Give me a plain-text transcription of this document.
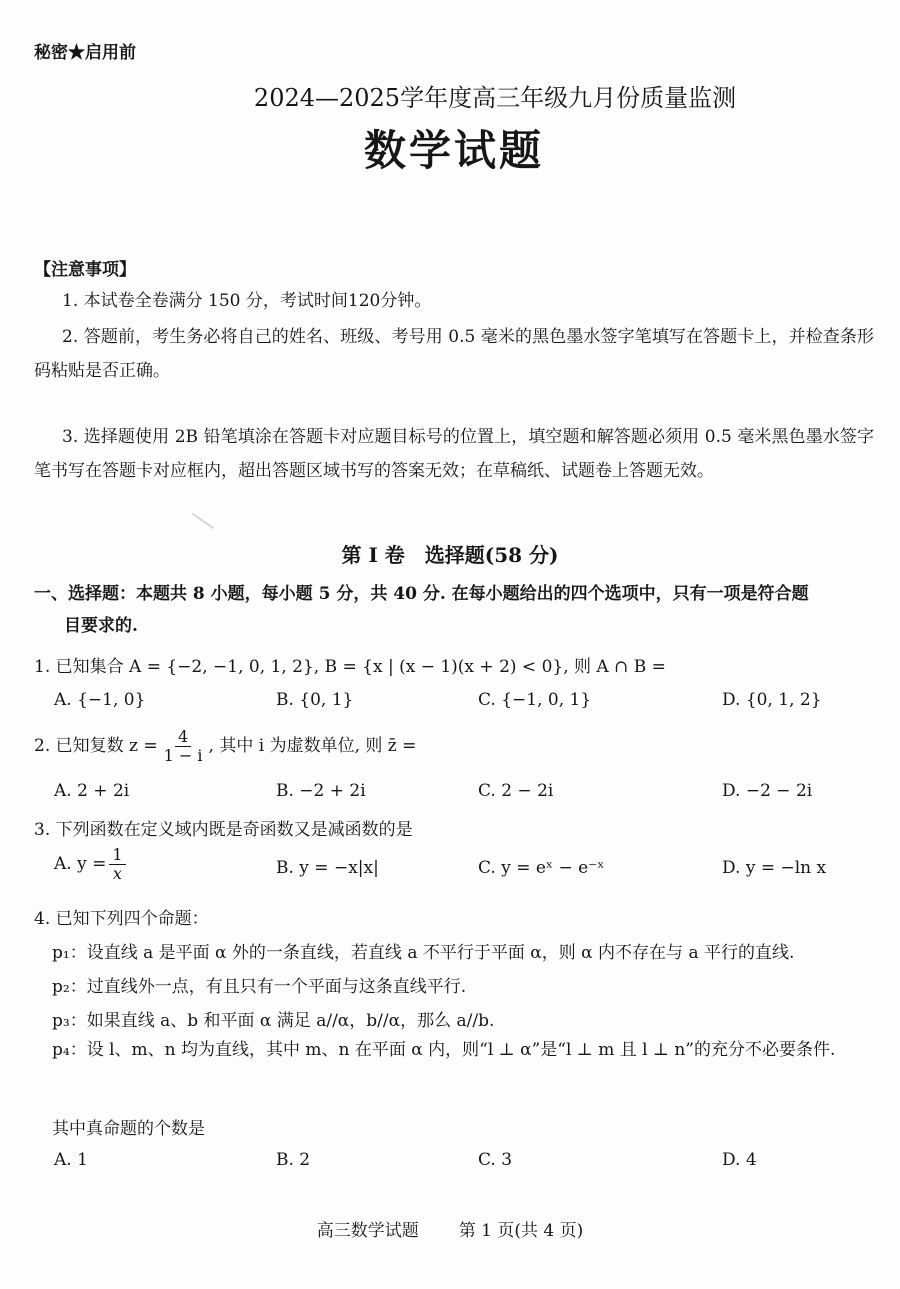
秘密★启用前
2024—2025学年度高三年级九月份质量监测
数学试题
【注意事项】
1. 本试卷全卷满分 150 分，考试时间120分钟。
2. 答题前，考生务必将自己的姓名、班级、考号用 0.5 毫米的黑色墨水签字笔填写在答题卡上，并检查条形码粘贴是否正确。
3. 选择题使用 2B 铅笔填涂在答题卡对应题目标号的位置上，填空题和解答题必须用 0.5 毫米黑色墨水签字笔书写在答题卡对应框内，超出答题区域书写的答案无效；在草稿纸、试题卷上答题无效。
第 Ⅰ 卷 选择题(58 分)
一、选择题：本题共 8 小题，每小题 5 分，共 40 分. 在每小题给出的四个选项中，只有一项是符合题
目要求的.
1. 已知集合 A = {−2, −1, 0, 1, 2}, B = {x | (x − 1)(x + 2) < 0}, 则 A ∩ B =
A. {−1, 0}	B. {0, 1}	C. {−1, 0, 1}	D. {0, 1, 2}
2. 已知复数 $z = \frac{4}{1 - i}$ , 其中 i 为虚数单位, 则 z̄ =
A. 2 + 2i	B. −2 + 2i	C. 2 − 2i	D. −2 − 2i
3. 下列函数在定义域内既是奇函数又是减函数的是
A. $y = \frac{1}{x}$	B. y = −x|x|	C. y = eˣ − e⁻ˣ	D. y = −ln x
4. 已知下列四个命题：
p₁：设直线 a 是平面 α 外的一条直线，若直线 a 不平行于平面 α，则 α 内不存在与 a 平行的直线.
p₂：过直线外一点，有且只有一个平面与这条直线平行.
p₃：如果直线 a、b 和平面 α 满足 a//α，b//α，那么 a//b.
p₄：设 l、m、n 均为直线，其中 m、n 在平面 α 内，则“l ⊥ α”是“l ⊥ m 且 l ⊥ n”的充分不必要条件.
其中真命题的个数是
A. 1	B. 2	C. 3	D. 4
高三数学试题 第 1 页(共 4 页)
